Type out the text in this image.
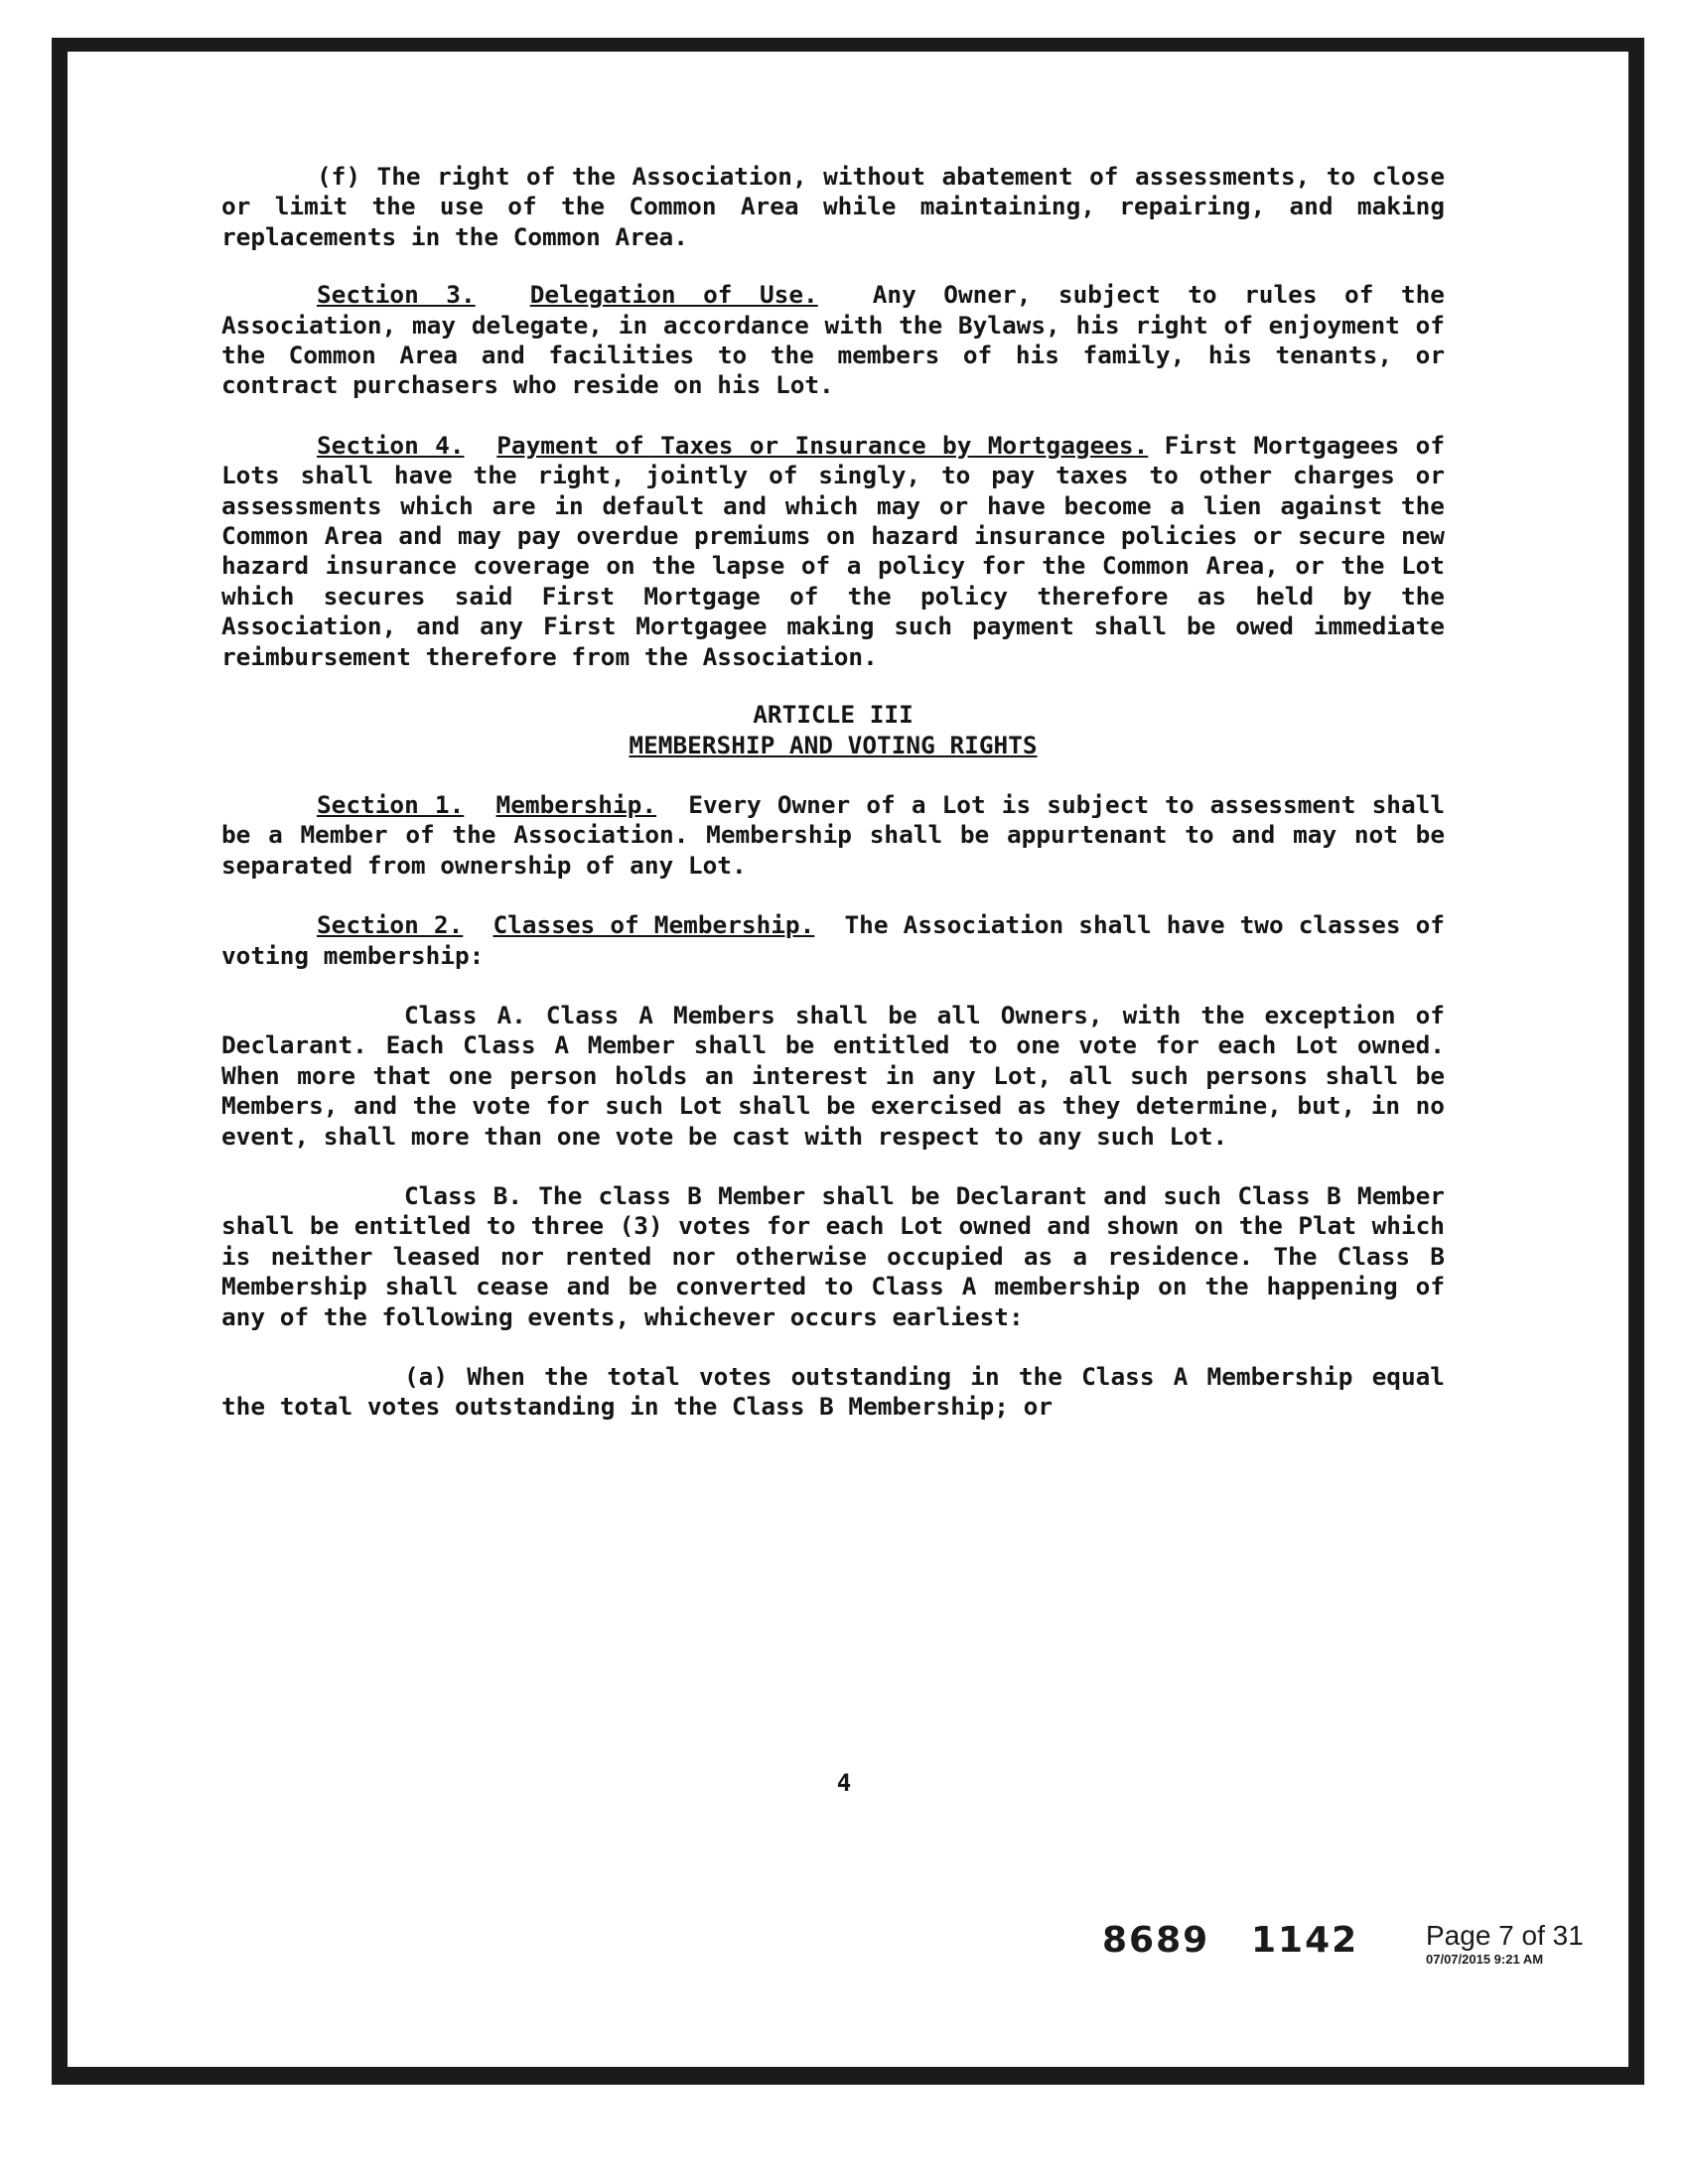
(f) The right of the Association, without abatement of assessments, to close or limit the use of the Common Area while maintaining, repairing, and making replacements in the Common Area.

Section 3. Delegation of Use. Any Owner, subject to rules of the Association, may delegate, in accordance with the Bylaws, his right of enjoyment of the Common Area and facilities to the members of his family, his tenants, or contract purchasers who reside on his Lot.

Section 4. Payment of Taxes or Insurance by Mortgagees. First Mortgagees of Lots shall have the right, jointly of singly, to pay taxes to other charges or assessments which are in default and which may or have become a lien against the Common Area and may pay overdue premiums on hazard insurance policies or secure new hazard insurance coverage on the lapse of a policy for the Common Area, or the Lot which secures said First Mortgage of the policy therefore as held by the Association, and any First Mortgagee making such payment shall be owed immediate reimbursement therefore from the Association.

ARTICLE III

MEMBERSHIP AND VOTING RIGHTS

Section 1. Membership. Every Owner of a Lot is subject to assessment shall be a Member of the Association. Membership shall be appurtenant to and may not be separated from ownership of any Lot.

Section 2. Classes of Membership. The Association shall have two classes of voting membership:

Class A. Class A Members shall be all Owners, with the exception of Declarant. Each Class A Member shall be entitled to one vote for each Lot owned. When more that one person holds an interest in any Lot, all such persons shall be Members, and the vote for such Lot shall be exercised as they determine, but, in no event, shall more than one vote be cast with respect to any such Lot.

Class B. The class B Member shall be Declarant and such Class B Member shall be entitled to three (3) votes for each Lot owned and shown on the Plat which is neither leased nor rented nor otherwise occupied as a residence. The Class B Membership shall cease and be converted to Class A membership on the happening of any of the following events, whichever occurs earliest:

(a) When the total votes outstanding in the Class A Membership equal the total votes outstanding in the Class B Membership; or

4
8689 1142 Page 7 of 31
07/07/2015 9:21 AM
